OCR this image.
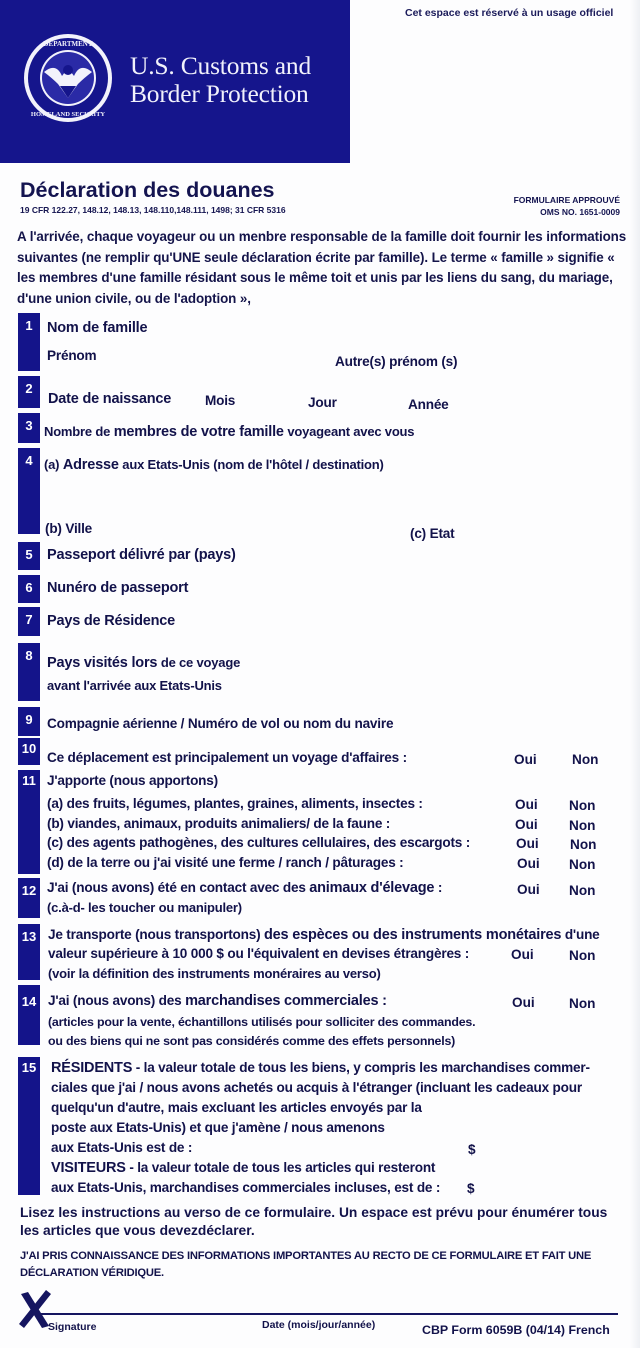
DEPARTMENT
HOMELAND SECURITY
U.S. Customs and
Border Protection
Cet espace est réservé à un usage officiel
Déclaration des douanes
19 CFR 122.27, 148.12, 148.13, 148.110,148.111, 1498; 31 CFR 5316
FORMULAIRE APPROUVÉ
OMS NO. 1651-0009
A l'arrivée, chaque voyageur ou un menbre responsable de la famille doit fournir les informations suivantes (ne remplir qu'UNE seule déclaration écrite par famille). Le terme « famille » signifie « les membres d'une famille résidant sous le même toit et unis par les liens du sang, du mariage, d'une union civile, ou de l'adoption »,
1 Nom de famille
Prénom	Autre(s) prénom (s)
2
Date de naissance Mois	Jour	Année
3 Nombre de membres de votre famille voyageant avec vous
4 (a) Adresse aux Etats-Unis (nom de l'hôtel / destination)
(b) Ville	(c) Etat
5 Passeport délivré par (pays)
6 Nunéro de passeport
7 Pays de Résidence
8 Pays visités lors de ce voyage
avant l'arrivée aux Etats-Unis
9	Compagnie aérienne / Numéro de vol ou nom du navire
10
Ce déplacement est principalement un voyage d'affaires :	Oui	Non
11 J'apporte (nous apportons)
(a) des fruits, légumes, plantes, graines, aliments, insectes :	Oui Non
(b) viandes, animaux, produits animaliers/ de la faune :	Oui Non
(c) des agents pathogènes, des cultures cellulaires, des escargots :	Oui Non
(d) de la terre ou j'ai visité une ferme / ranch / pâturages :	Oui Non
12 J'ai (nous avons) été en contact avec des animaux d'élevage :
(c.à-d- les toucher ou manipuler)
Oui Non
13 Je transporte (nous transportons) des espèces ou des instruments monétaires d'une
valeur supérieure à 10 000 $ ou l'équivalent en devises étrangères :
(voir la définition des instruments monéraires au verso)
Oui	Non
14 J'ai (nous avons) des marchandises commerciales :
(articles pour la vente, échantillons utilisés pour solliciter des commandes.
ou des biens qui ne sont pas considérés comme des effets personnels)
Oui	Non
15 RÉSIDENTS - la valeur totale de tous les biens, y compris les marchandises commer-
ciales que j'ai / nous avons achetés ou acquis à l'étranger (incluant les cadeaux pour
quelqu'un d'autre, mais excluant les articles envoyés par la
poste aux Etats-Unis) et que j'amène / nous amenons
aux Etats-Unis est de :	$
VISITEURS - la valeur totale de tous les articles qui resteront
aux Etats-Unis, marchandises commerciales incluses, est de : $
Lisez les instructions au verso de ce formulaire. Un espace est prévu pour énumérer tous les articles que vous devezdéclarer.
J'AI PRIS CONNAISSANCE DES INFORMATIONS IMPORTANTES AU RECTO DE CE FORMULAIRE ET FAIT UNE DÉCLARATION VÉRIDIQUE.
Signature	Date (mois/jour/année)	CBP Form 6059B (04/14) French
